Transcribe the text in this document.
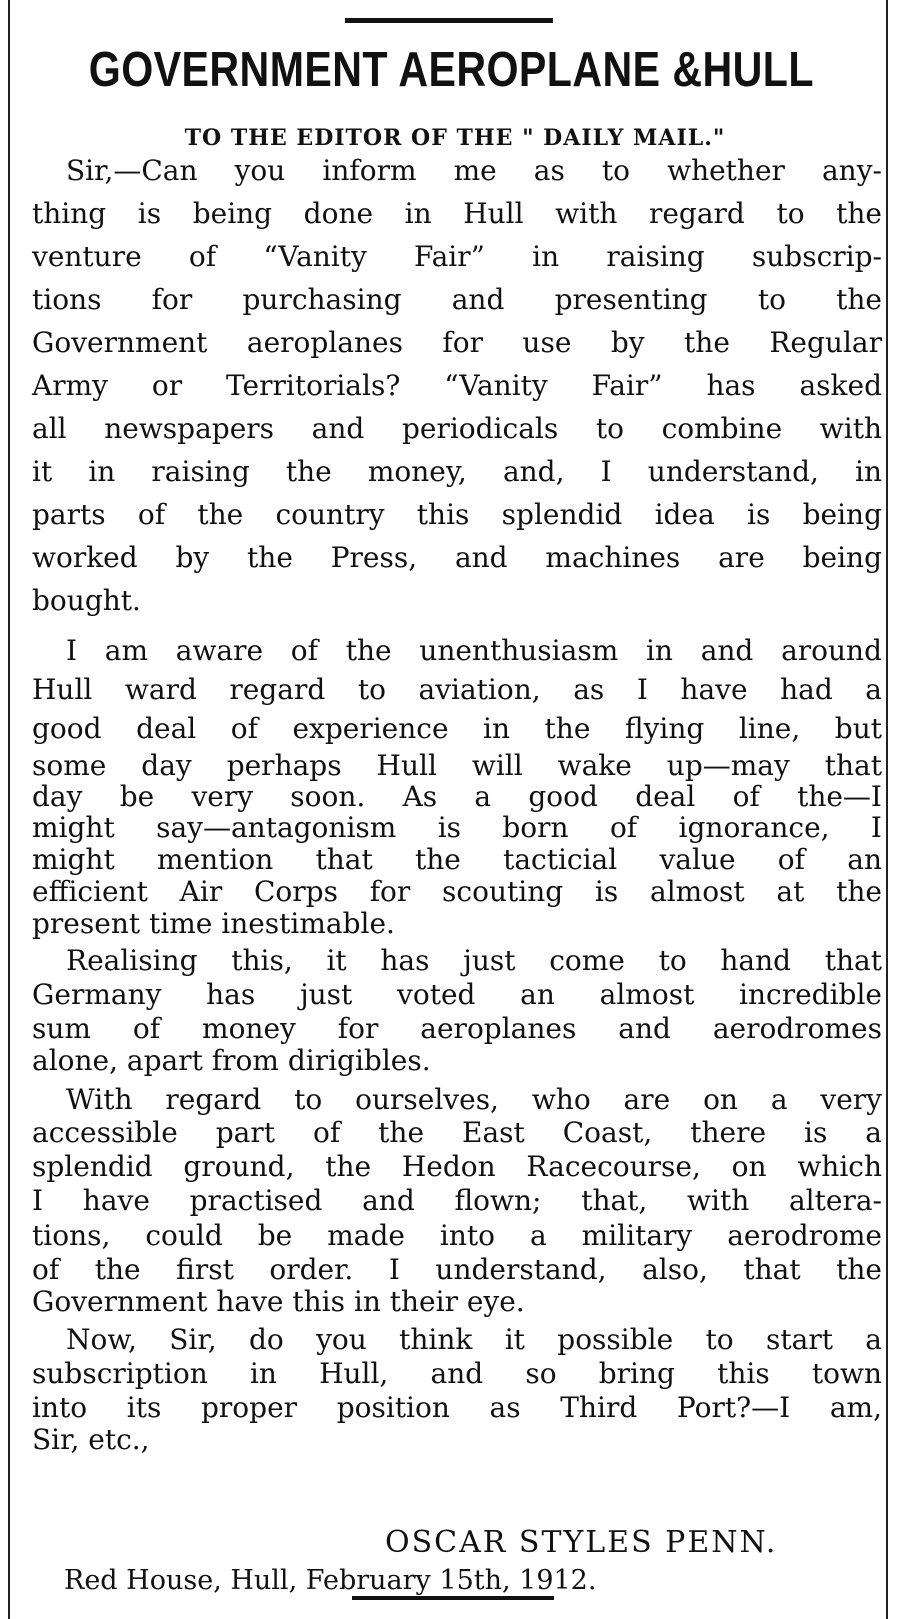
GOVERNMENT AEROPLANE &HULL
TO THE EDITOR OF THE " DAILY MAIL."
Sir,—Can you inform me as to whether any-
thing is being done in Hull with regard to the
venture of “Vanity Fair” in raising subscrip-
tions for purchasing and presenting to the
Government aeroplanes for use by the Regular
Army or Territorials? “Vanity Fair” has asked
all newspapers and periodicals to combine with
it in raising the money, and, I understand, in
parts of the country this splendid idea is being
worked by the Press, and machines are being
bought.
I am aware of the unenthusiasm in and around
Hull ward regard to aviation, as I have had a
good deal of experience in the flying line, but
some day perhaps Hull will wake up—may that
day be very soon. As a good deal of the—I
might say—antagonism is born of ignorance, I
might mention that the tacticial value of an
efficient Air Corps for scouting is almost at the
present time inestimable.
Realising this, it has just come to hand that
Germany has just voted an almost incredible
sum of money for aeroplanes and aerodromes
alone, apart from dirigibles.
With regard to ourselves, who are on a very
accessible part of the East Coast, there is a
splendid ground, the Hedon Racecourse, on which
I have practised and flown; that, with altera-
tions, could be made into a military aerodrome
of the first order. I understand, also, that the
Government have this in their eye.
Now, Sir, do you think it possible to start a
subscription in Hull, and so bring this town
into its proper position as Third Port?—I am,
Sir, etc.,
OSCAR STYLES PENN.
Red House, Hull, February 15th, 1912.
